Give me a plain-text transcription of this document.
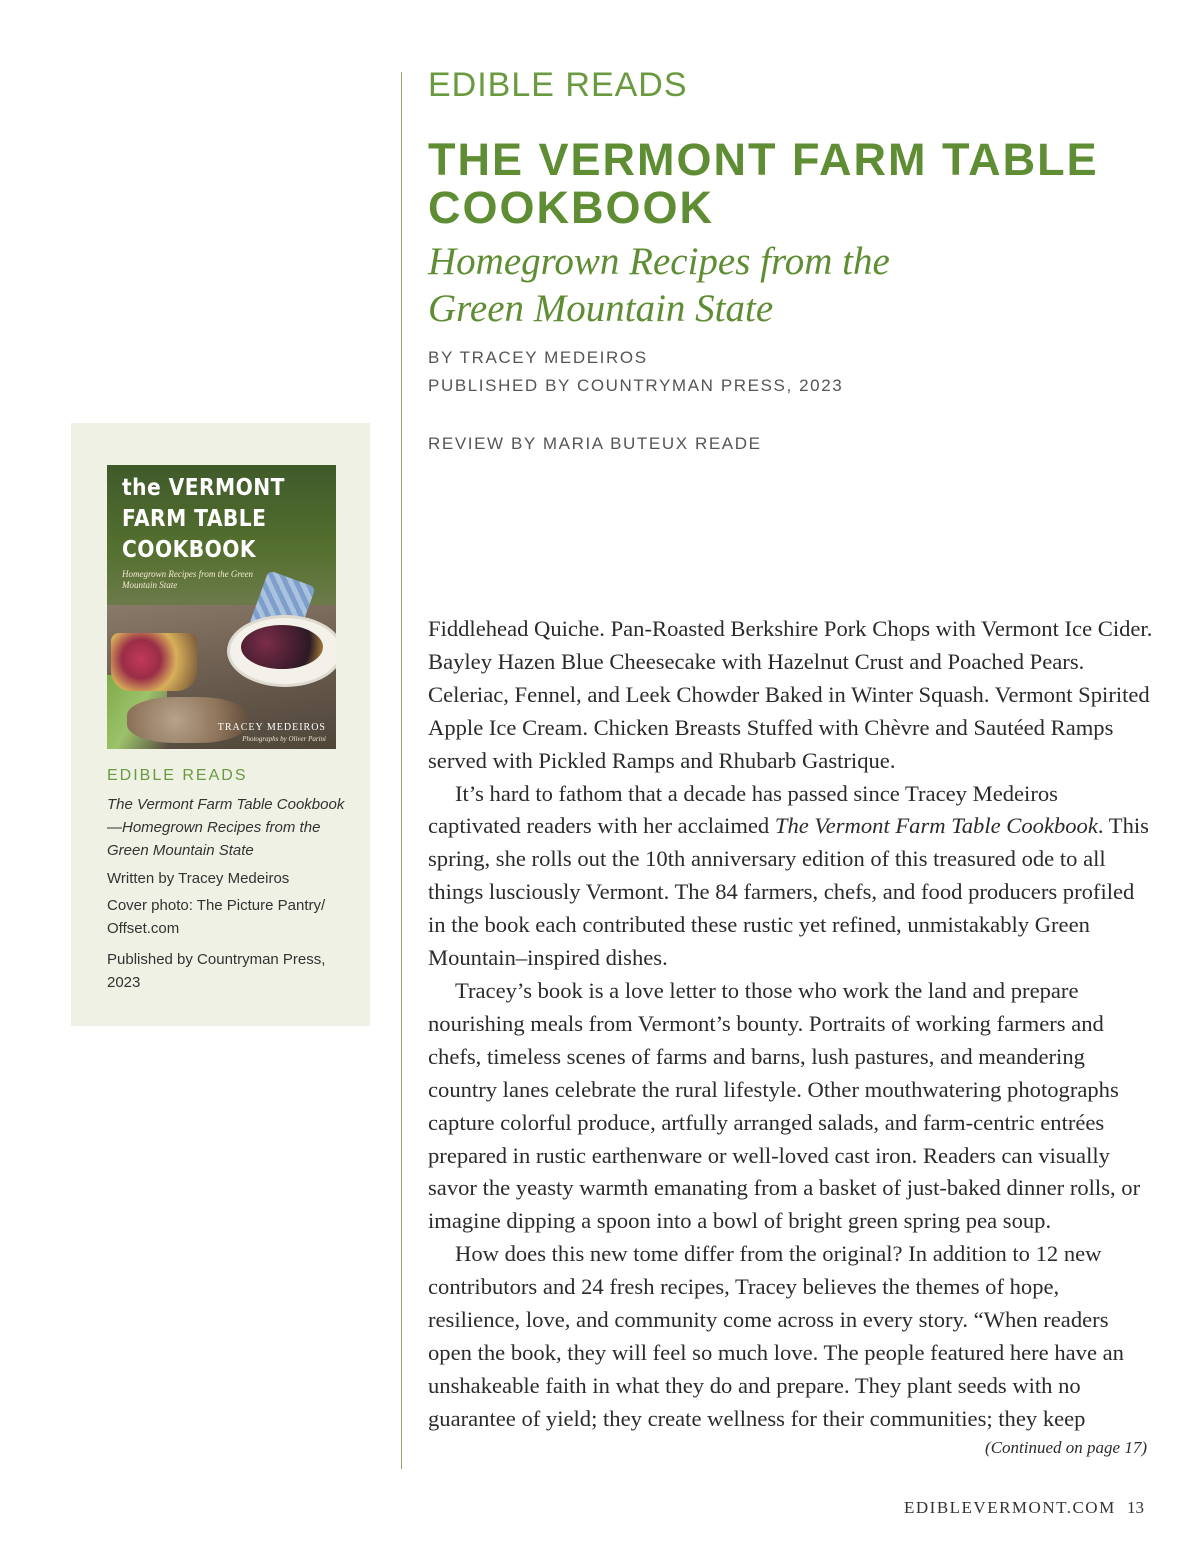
EDIBLE READS
THE VERMONT FARM TABLE COOKBOOK
Homegrown Recipes from the Green Mountain State
BY TRACEY MEDEIROS
PUBLISHED BY COUNTRYMAN PRESS, 2023
REVIEW BY MARIA BUTEUX READE
the VERMONT
FARM TABLE
COOKBOOK
Homegrown Recipes from the Green Mountain State
TRACEY MEDEIROS
Photographs by Oliver Parini
EDIBLE READS
The Vermont Farm Table Cookbook—Homegrown Recipes from the Green Mountain State
Written by Tracey Medeiros
Cover photo: The Picture Pantry/ Offset.com
Published by Countryman Press, 2023

Fiddlehead Quiche. Pan-Roasted Berkshire Pork Chops with Vermont Ice Cider. Bayley Hazen Blue Cheesecake with Hazelnut Crust and Poached Pears. Celeriac, Fennel, and Leek Chowder Baked in Winter Squash. Vermont Spirited Apple Ice Cream. Chicken Breasts Stuffed with Chèvre and Sautéed Ramps served with Pickled Ramps and Rhubarb Gastrique.

It’s hard to fathom that a decade has passed since Tracey Medeiros captivated readers with her acclaimed The Vermont Farm Table Cookbook. This spring, she rolls out the 10th anniversary edition of this treasured ode to all things lusciously Vermont. The 84 farmers, chefs, and food producers profiled in the book each contributed these rustic yet refined, unmistakably Green Mountain–inspired dishes.

Tracey’s book is a love letter to those who work the land and prepare nourishing meals from Vermont’s bounty. Portraits of working farmers and chefs, timeless scenes of farms and barns, lush pastures, and meandering country lanes celebrate the rural lifestyle. Other mouthwatering photographs capture colorful produce, artfully arranged salads, and farm-centric entrées prepared in rustic earthenware or well-loved cast iron. Readers can visually savor the yeasty warmth emanating from a basket of just-baked dinner rolls, or imagine dipping a spoon into a bowl of bright green spring pea soup.

How does this new tome differ from the original? In addition to 12 new contributors and 24 fresh recipes, Tracey believes the themes of hope, resilience, love, and community come across in every story. “When readers open the book, they will feel so much love. The people featured here have an unshakeable faith in what they do and prepare. They plant seeds with no guarantee of yield; they create wellness for their communities; they keep

(Continued on page 17)
EDIBLEVERMONT.COM 13
